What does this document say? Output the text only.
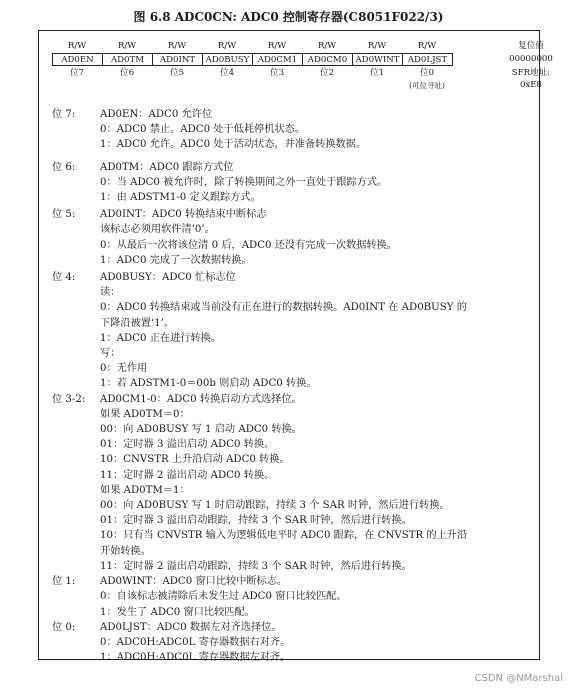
图 6.8 ADC0CN: ADC0 控制寄存器(C8051F022/3)
R/W	R/W	R/W	R/W	R/W	R/W	R/W	R/W
AD0EN	AD0TM	AD0INT	AD0BUSY AD0CM1	AD0CM0 AD0WINT AD0LJST
位7	位6	位5	位4	位3	位2	位1	位0
(可位寻址)
复位值
00000000
SFR地址:
0xE8
位 7: AD0EN：ADC0 允许位
0：ADC0 禁止。ADC0 处于低耗停机状态。
1：ADC0 允许。ADC0 处于活动状态，并准备转换数据。
位 6: AD0TM：ADC0 跟踪方式位
0：当 ADC0 被允许时，除了转换期间之外一直处于跟踪方式。
1：由 ADSTM1-0 定义跟踪方式。
位 5: AD0INT：ADC0 转换结束中断标志
该标志必须用软件清‘0’。
0：从最后一次将该位清 0 后，ADC0 还没有完成一次数据转换。
1：ADC0 完成了一次数据转换。
位 4: AD0BUSY：ADC0 忙标志位
读：
0：ADC0 转换结束或当前没有正在进行的数据转换。AD0INT 在 AD0BUSY 的
下降沿被置‘1’。
1：ADC0 正在进行转换。
写：
0：无作用
1：若 ADSTM1-0＝00b 则启动 ADC0 转换。
位 3-2: AD0CM1-0：ADC0 转换启动方式选择位。
如果 AD0TM＝0：
00：向 AD0BUSY 写 1 启动 ADC0 转换。
01：定时器 3 溢出启动 ADC0 转换。
10：CNVSTR 上升沿启动 ADC0 转换。
11：定时器 2 溢出启动 ADC0 转换。
如果 AD0TM＝1：
00：向 AD0BUSY 写 1 时启动跟踪，持续 3 个 SAR 时钟，然后进行转换。
01：定时器 3 溢出启动跟踪，持续 3 个 SAR 时钟，然后进行转换。
10：只有当 CNVSTR 输入为逻辑低电平时 ADC0 跟踪，在 CNVSTR 的上升沿
开始转换。
11：定时器 2 溢出启动跟踪，持续 3 个 SAR 时钟，然后进行转换。
位 1: AD0WINT：ADC0 窗口比较中断标志。
0：自该标志被清除后未发生过 ADC0 窗口比较匹配。
1：发生了 ADC0 窗口比较匹配。
位 0: AD0LJST：ADC0 数据左对齐选择位。
0：ADC0H:ADC0L 寄存器数据右对齐。
1：ADC0H:ADC0L 寄存器数据左对齐。
CSDN @NMarshal
